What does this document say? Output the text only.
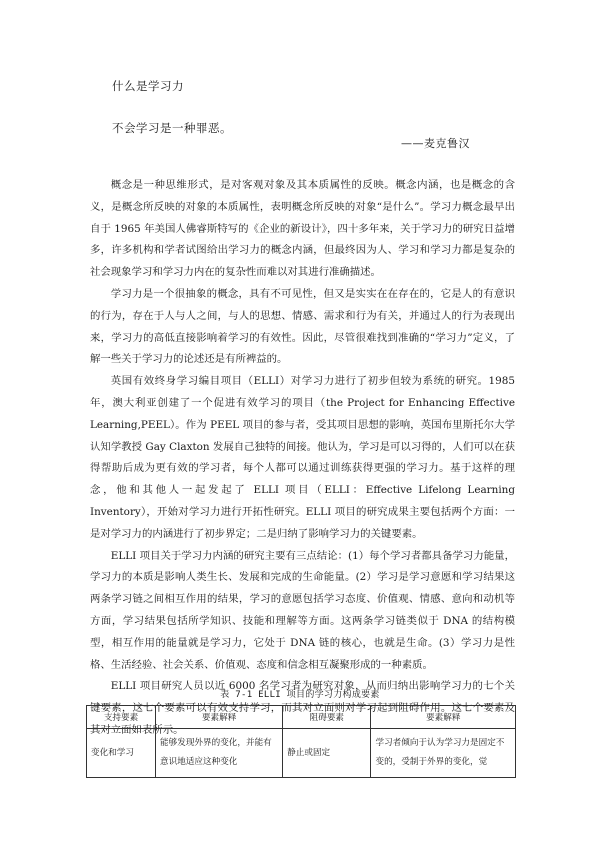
什么是学习力
不会学习是一种罪恶。
——麦克鲁汉

概念是一种思维形式，是对客观对象及其本质属性的反映。概念内涵，也是概念的含义，是概念所反映的对象的本质属性，表明概念所反映的对象“是什么”。学习力概念最早出自于 1965 年美国人佛睿斯特写的《企业的新设计》，四十多年来，关于学习力的研究日益增多，许多机构和学者试图给出学习力的概念内涵，但最终因为人、学习和学习力都是复杂的社会现象学习和学习力内在的复杂性而难以对其进行准确描述。

学习力是一个很抽象的概念，具有不可见性，但又是实实在在存在的，它是人的有意识的行为，存在于人与人之间，与人的思想、情感、需求和行为有关，并通过人的行为表现出来，学习力的高低直接影响着学习的有效性。因此，尽管很难找到准确的“学习力”定义，了解一些关于学习力的论述还是有所裨益的。

英国有效终身学习编目项目（ELLI）对学习力进行了初步但较为系统的研究。1985 年，澳大利亚创建了一个促进有效学习的项目（the Project for Enhancing Effective Learning,PEEL）。作为 PEEL 项目的参与者，受其项目思想的影响，英国布里斯托尔大学认知学教授 Gay Claxton 发展自己独特的间接。他认为，学习是可以习得的，人们可以在获得帮助后成为更有效的学习者，每个人都可以通过训练获得更强的学习力。基于这样的理念，他和其他人一起发起了 ELLI 项目（ELLI：Effective Lifelong Learning Inventory），开始对学习力进行开拓性研究。ELLI 项目的研究成果主要包括两个方面：一是对学习力的内涵进行了初步界定；二是归纳了影响学习力的关键要素。

ELLI 项目关于学习力内涵的研究主要有三点结论：(1）每个学习者都具备学习力能量，学习力的本质是影响人类生长、发展和完成的生命能量。(2）学习是学习意愿和学习结果这两条学习链之间相互作用的结果，学习的意愿包括学习态度、价值观、情感、意向和动机等方面，学习结果包括所学知识、技能和理解等方面。这两条学习链类似于 DNA 的结构模型，相互作用的能量就是学习力，它处于 DNA 链的核心，也就是生命。(3）学习力是性格、生活经验、社会关系、价值观、态度和信念相互凝聚形成的一种素质。

ELLI 项目研究人员以近 6000 名学习者为研究对象，从而归纳出影响学习力的七个关键要素，这七个要素可以有效支持学习，而其对立面则对学习起到阻碍作用。这七个要素及其对立面如表所示。

表 7-1 ELLI 项目的学习力构成要素
支持要素	要素解释	阻碍要素	要素解释
变化和学习	能够发现外界的变化，并能有意识地适应这种变化	静止或固定	学习者倾向于认为学习力是固定不变的，受制于外界的变化，觉
